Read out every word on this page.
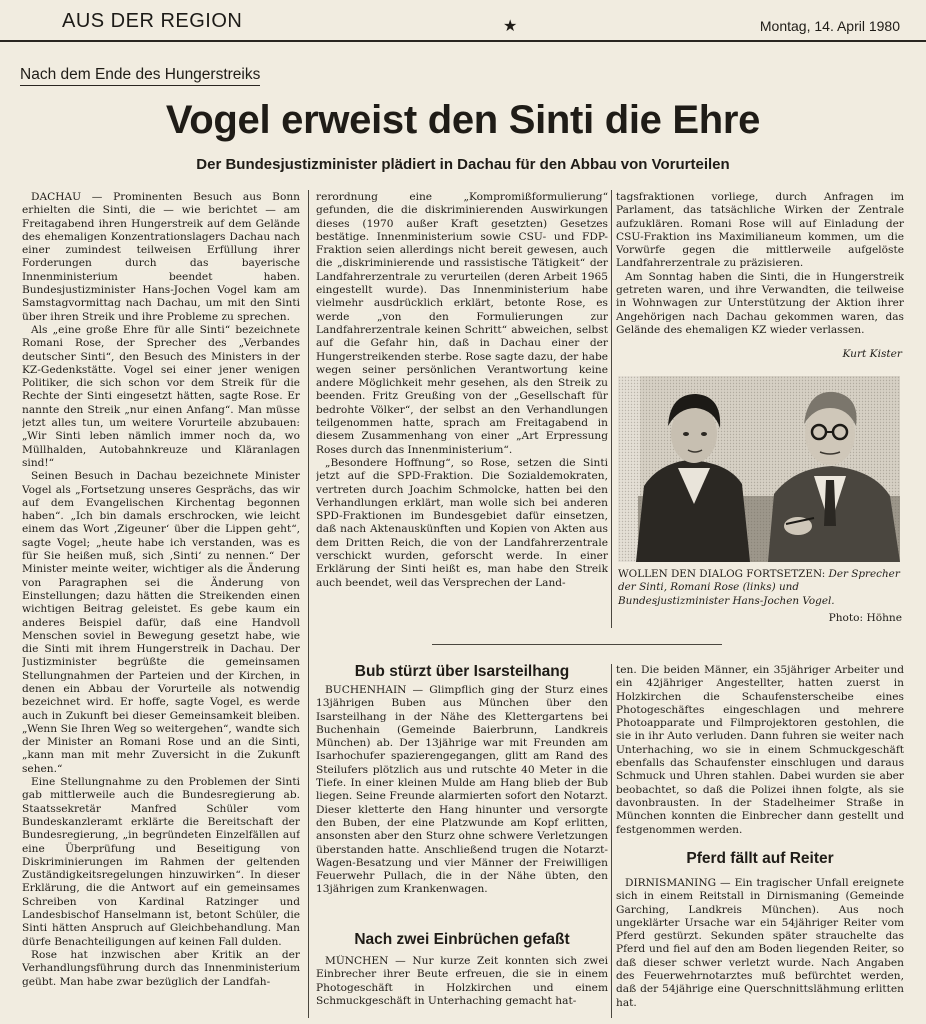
AUS DER REGION	★	Montag, 14. April 1980
Nach dem Ende des Hungerstreiks
Vogel erweist den Sinti die Ehre
Der Bundesjustizminister plädiert in Dachau für den Abbau von Vorurteilen

DACHAU — Prominenten Besuch aus Bonn erhielten die Sinti, die — wie berichtet — am Freitagabend ihren Hungerstreik auf dem Gelände des ehemaligen Konzentrationslagers Dachau nach einer zumindest teilweisen Erfüllung ihrer Forderungen durch das bayerische Innenministerium beendet haben. Bundesjustizminister Hans-Jochen Vogel kam am Samstagvormittag nach Dachau, um mit den Sinti über ihren Streik und ihre Probleme zu sprechen.

Als „eine große Ehre für alle Sinti“ bezeichnete Romani Rose, der Sprecher des „Verbandes deutscher Sinti“, den Besuch des Ministers in der KZ-Gedenkstätte. Vogel sei einer jener wenigen Politiker, die sich schon vor dem Streik für die Rechte der Sinti eingesetzt hätten, sagte Rose. Er nannte den Streik „nur einen Anfang“. Man müsse jetzt alles tun, um weitere Vorurteile abzubauen: „Wir Sinti leben nämlich immer noch da, wo Müllhalden, Autobahnkreuze und Kläranlagen sind!“

Seinen Besuch in Dachau bezeichnete Minister Vogel als „Fortsetzung unseres Gesprächs, das wir auf dem Evangelischen Kirchentag begonnen haben“. „Ich bin damals erschrocken, wie leicht einem das Wort ‚Zigeuner‘ über die Lippen geht“, sagte Vogel; „heute habe ich verstanden, was es für Sie heißen muß, sich ‚Sinti‘ zu nennen.“ Der Minister meinte weiter, wichtiger als die Änderung von Paragraphen sei die Änderung von Einstellungen; dazu hätten die Streikenden einen wichtigen Beitrag geleistet. Es gebe kaum ein anderes Beispiel dafür, daß eine Handvoll Menschen soviel in Bewegung gesetzt habe, wie die Sinti mit ihrem Hungerstreik in Dachau. Der Justizminister begrüßte die gemeinsamen Stellungnahmen der Parteien und der Kirchen, in denen ein Abbau der Vorurteile als notwendig bezeichnet wird. Er hoffe, sagte Vogel, es werde auch in Zukunft bei dieser Gemeinsamkeit bleiben. „Wenn Sie Ihren Weg so weitergehen“, wandte sich der Minister an Romani Rose und an die Sinti, „kann man mit mehr Zuversicht in die Zukunft sehen.“

Eine Stellungnahme zu den Problemen der Sinti gab mittlerweile auch die Bundesregierung ab. Staatssekretär Manfred Schüler vom Bundeskanzleramt erklärte die Bereitschaft der Bundesregierung, „in begründeten Einzelfällen auf eine Überprüfung und Beseitigung von Diskriminierungen im Rahmen der geltenden Zuständigkeitsregelungen hinzuwirken“. In dieser Erklärung, die die Antwort auf ein gemeinsames Schreiben von Kardinal Ratzinger und Landesbischof Hanselmann ist, betont Schüler, die Sinti hätten Anspruch auf Gleichbehandlung. Man dürfe Benachteiligungen auf keinen Fall dulden.

Rose hat inzwischen aber Kritik an der Verhandlungsführung durch das Innenministerium geübt. Man habe zwar bezüglich der Landfah-

rerordnung eine „Kompromißformulierung“ gefunden, die die diskriminierenden Auswirkungen dieses (1970 außer Kraft gesetzten) Gesetzes bestätige. Innenministerium sowie CSU- und FDP-Fraktion seien allerdings nicht bereit gewesen, auch die „diskriminierende und rassistische Tätigkeit“ der Landfahrerzentrale zu verurteilen (deren Arbeit 1965 eingestellt wurde). Das Innenministerium habe vielmehr ausdrücklich erklärt, betonte Rose, es werde „von den Formulierungen zur Landfahrerzentrale keinen Schritt“ abweichen, selbst auf die Gefahr hin, daß in Dachau einer der Hungerstreikenden sterbe. Rose sagte dazu, der habe wegen seiner persönlichen Verantwortung keine andere Möglichkeit mehr gesehen, als den Streik zu beenden. Fritz Greußing von der „Gesellschaft für bedrohte Völker“, der selbst an den Verhandlungen teilgenommen hatte, sprach am Freitagabend in diesem Zusammenhang von einer „Art Erpressung Roses durch das Innenministerium“.

„Besondere Hoffnung“, so Rose, setzen die Sinti jetzt auf die SPD-Fraktion. Die Sozialdemokraten, vertreten durch Joachim Schmolcke, hatten bei den Verhandlungen erklärt, man wolle sich bei anderen SPD-Fraktionen im Bundesgebiet dafür einsetzen, daß nach Aktenauskünften und Kopien von Akten aus dem Dritten Reich, die von der Landfahrerzentrale verschickt wurden, geforscht werde. In einer Erklärung der Sinti heißt es, man habe den Streik auch beendet, weil das Versprechen der Land-

tagsfraktionen vorliege, durch Anfragen im Parlament, das tatsächliche Wirken der Zentrale aufzuklären. Romani Rose will auf Einladung der CSU-Fraktion ins Maximilianeum kommen, um die Vorwürfe gegen die mittlerweile aufgelöste Landfahrerzentrale zu präzisieren.

Am Sonntag haben die Sinti, die in Hungerstreik getreten waren, und ihre Verwandten, die teilweise in Wohnwagen zur Unterstützung der Aktion ihrer Angehörigen nach Dachau gekommen waren, das Gelände des ehemaligen KZ wieder verlassen.

Kurt Kister
WOLLEN DEN DIALOG FORTSETZEN: Der Sprecher der Sinti, Romani Rose (links) und Bundesjustizminister Hans-Jochen Vogel.
Photo: Höhne
Bub stürzt über Isarsteilhang

BUCHENHAIN — Glimpflich ging der Sturz eines 13jährigen Buben aus München über den Isarsteilhang in der Nähe des Klettergartens bei Buchenhain (Gemeinde Baierbrunn, Landkreis München) ab. Der 13jährige war mit Freunden am Isarhochufer spazierengegangen, glitt am Rand des Steilufers plötzlich aus und rutschte 40 Meter in die Tiefe. In einer kleinen Mulde am Hang blieb der Bub liegen. Seine Freunde alarmierten sofort den Notarzt. Dieser kletterte den Hang hinunter und versorgte den Buben, der eine Platzwunde am Kopf erlitten, ansonsten aber den Sturz ohne schwere Verletzungen überstanden hatte. Anschließend trugen die Notarzt-Wagen-Besatzung und vier Männer der Freiwilligen Feuerwehr Pullach, die in der Nähe übten, den 13jährigen zum Krankenwagen.

Nach zwei Einbrüchen gefaßt

MÜNCHEN — Nur kurze Zeit konnten sich zwei Einbrecher ihrer Beute erfreuen, die sie in einem Photogeschäft in Holzkirchen und einem Schmuckgeschäft in Unterhaching gemacht hat-

ten. Die beiden Männer, ein 35jähriger Arbeiter und ein 42jähriger Angestellter, hatten zuerst in Holzkirchen die Schaufensterscheibe eines Photogeschäftes eingeschlagen und mehrere Photoapparate und Filmprojektoren gestohlen, die sie in ihr Auto verluden. Dann fuhren sie weiter nach Unterhaching, wo sie in einem Schmuckgeschäft ebenfalls das Schaufenster einschlugen und daraus Schmuck und Uhren stahlen. Dabei wurden sie aber beobachtet, so daß die Polizei ihnen folgte, als sie davonbrausten. In der Stadelheimer Straße in München konnten die Einbrecher dann gestellt und festgenommen werden.

Pferd fällt auf Reiter

DIRNISMANING — Ein tragischer Unfall ereignete sich in einem Reitstall in Dirnismaning (Gemeinde Garching, Landkreis München). Aus noch ungeklärter Ursache war ein 54jähriger Reiter vom Pferd gestürzt. Sekunden später strauchelte das Pferd und fiel auf den am Boden liegenden Reiter, so daß dieser schwer verletzt wurde. Nach Angaben des Feuerwehrnotarztes muß befürchtet werden, daß der 54jährige eine Querschnittslähmung erlitten hat.
